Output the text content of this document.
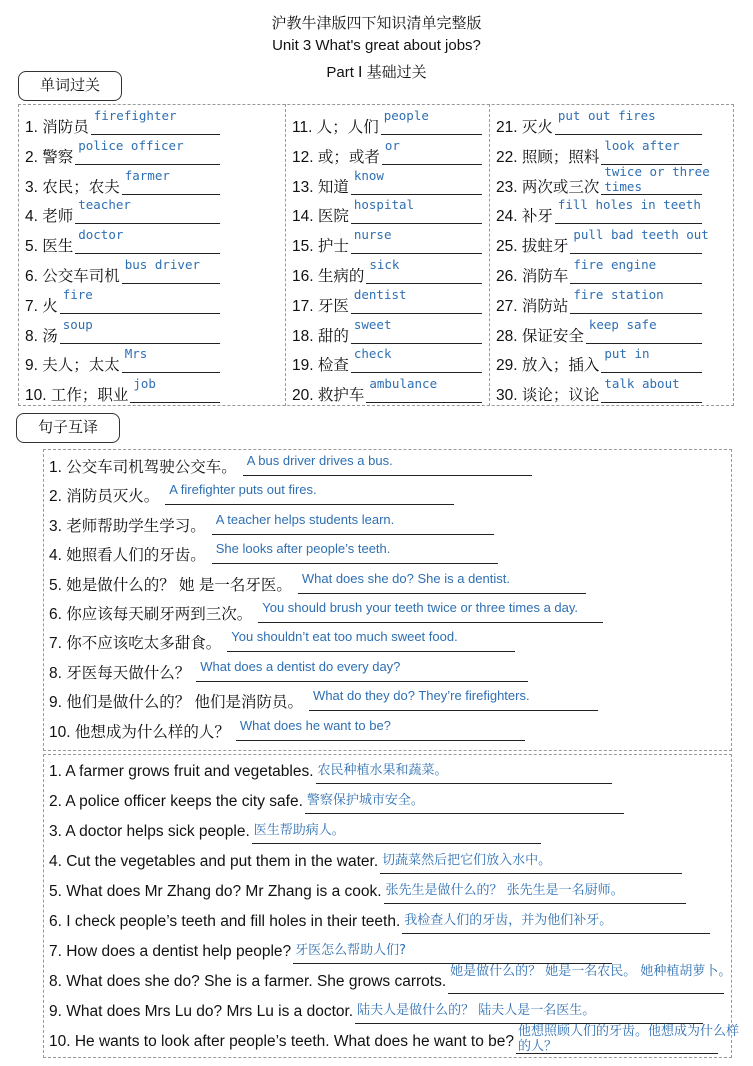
沪教牛津版四下知识清单完整版
Unit 3 What's great about jobs?
Part Ⅰ 基础过关
单词过关
1. 消防员
firefighter
2. 警察
police officer
3. 农民；农夫
farmer
4. 老师
teacher
5. 医生
doctor
6. 公交车司机
bus driver
7. 火
fire
8. 汤
soup
9. 夫人；太太
Mrs
10. 工作；职业
job
11. 人；人们
people
12. 或；或者
or
13. 知道
know
14. 医院
hospital
15. 护士
nurse
16. 生病的
sick
17. 牙医
dentist
18. 甜的
sweet
19. 检查
check
20. 救护车
ambulance
21. 灭火
put out fires
22. 照顾；照料
look after
23. 两次或三次
twice or three times
24. 补牙
fill holes in teeth
25. 拔蛀牙
pull bad teeth out
26. 消防车
fire engine
27. 消防站
fire station
28. 保证安全
keep safe
29. 放入；插入
put in
30. 谈论；议论
talk about
句子互译
1. 公交车司机驾驶公交车。 A bus driver drives a bus.
2. 消防员灭火。 A firefighter puts out fires.
3. 老师帮助学生学习。 A teacher helps students learn.
4. 她照看人们的牙齿。 She looks after people’s teeth.
5. 她是做什么的？ 她 是一名牙医。 What does she do? She is a dentist.
6. 你应该每天刷牙两到三次。 You should brush your teeth twice or three times a day.
7. 你不应该吃太多甜食。 You shouldn’t eat too much sweet food.
8. 牙医每天做什么？ What does a dentist do every day?
9. 他们是做什么的？ 他们是消防员。 What do they do? They’re firefighters.
10. 他想成为什么样的人？ What does he want to be?
1. A farmer grows fruit and vegetables. 农民种植水果和蔬菜。
2. A police officer keeps the city safe. 警察保护城市安全。
3. A doctor helps sick people. 医生帮助病人。
4. Cut the vegetables and put them in the water. 切蔬菜然后把它们放入水中。
5. What does Mr Zhang do? Mr Zhang is a cook. 张先生是做什么的？ 张先生是一名厨师。
6. I check people’s teeth and fill holes in their teeth. 我检查人们的牙齿，并为他们补牙。
7. How does a dentist help people? 牙医怎么帮助人们?
8. What does she do? She is a farmer. She grows carrots.
她是做什么的？ 她是一名农民。 她种植胡萝卜。
9. What does Mrs Lu do? Mrs Lu is a doctor. 陆夫人是做什么的？ 陆夫人是一名医生。
10. He wants to look after people’s teeth. What does he want to be?
他想照顾人们的牙齿。他想成为什么样的人？
